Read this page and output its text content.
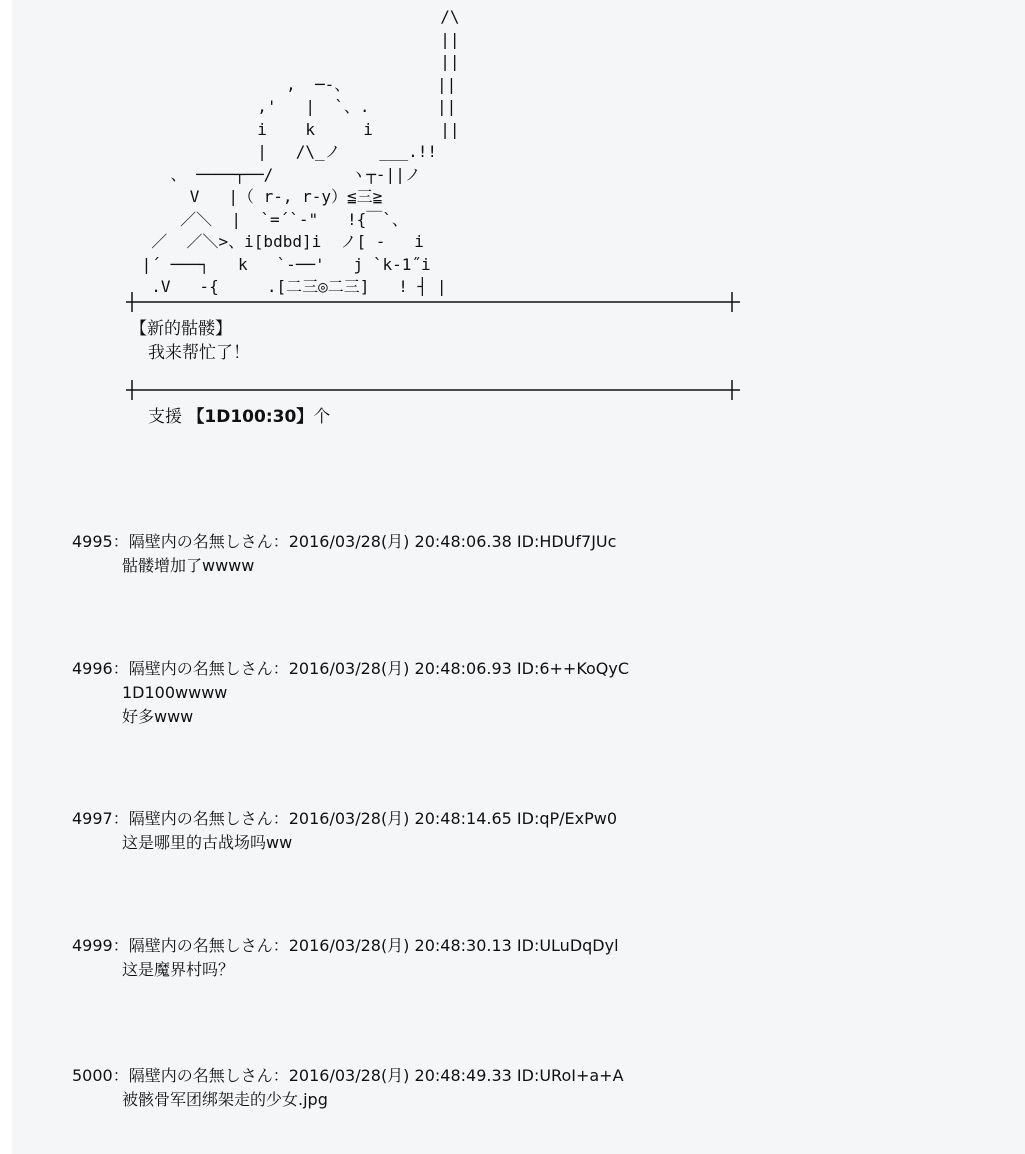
/\
||
||
,  ─‐、         ||
,'   |  `、.       ||
i    k     i       ||
|   /\_ノ    ___.!!
、 ────┬──/        ヽ┬‐||ノ
V   |（ r‐, r‐y）≦三≧
／＼  |  `=´`‐"   !{￣`、
／  ／＼>、i[bdbd]i  ノ[ ‐   i
|´ ───┐   k   `‐──'   j `k‐1˝i
.V   ‐{     .[二三◎二三]   ! ┤ |
【新的骷髅】
我来帮忙了！
支援 【1D100:30】个
4995：隔壁内の名無しさん：2016/03/28(月) 20:48:06.38 ID:HDUf7JUc
骷髅增加了wwww
4996：隔壁内の名無しさん：2016/03/28(月) 20:48:06.93 ID:6++KoQyC
1D100wwww
好多www
4997：隔壁内の名無しさん：2016/03/28(月) 20:48:14.65 ID:qP/ExPw0
这是哪里的古战场吗ww
4999：隔壁内の名無しさん：2016/03/28(月) 20:48:30.13 ID:ULuDqDyl
这是魔界村吗？
5000：隔壁内の名無しさん：2016/03/28(月) 20:48:49.33 ID:URoI+a+A
被骸骨军团绑架走的少女.jpg
